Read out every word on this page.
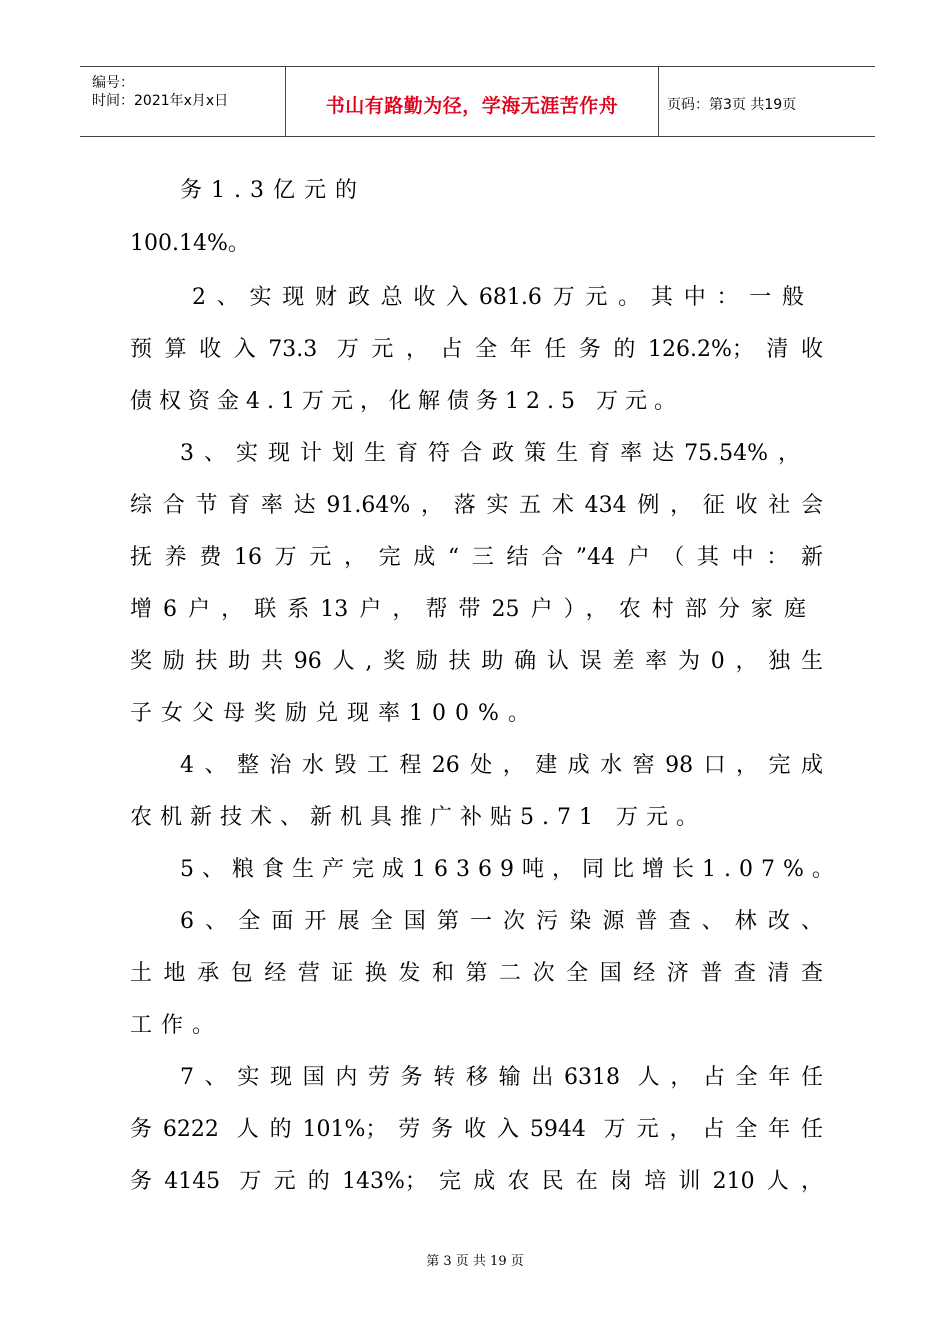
编号：
时间：2021年x月x日	书山有路勤为径，学海无涯苦作舟	页码：第3页 共19页
务1.3亿元的
100.14%。
2、实现财政总收入681.6万元。其中：一般
预算收入73.3 万元，占全年任务的126.2%；清收
债权资金4.1万元，化解债务12.5 万元。
3、实现计划生育符合政策生育率达75.54%，
综合节育率达91.64%，落实五术434例，征收社会
抚养费16万元，完成“三结合”44户（其中：新
增6户，联系13户，帮带25户），农村部分家庭
奖励扶助共96人,奖励扶助确认误差率为0，独生
子女父母奖励兑现率100%。
4、整治水毁工程26处，建成水窖98口，完成
农机新技术、新机具推广补贴5.71 万元。
5、粮食生产完成16369吨，同比增长1.07%。
6、全面开展全国第一次污染源普查、林改、
土地承包经营证换发和第二次全国经济普查清查
工作。
7、实现国内劳务转移输出6318 人，占全年任
务6222 人的101%；劳务收入5944 万元，占全年任
务4145 万元的143%；完成农民在岗培训210人，
第 3 页 共 19 页
